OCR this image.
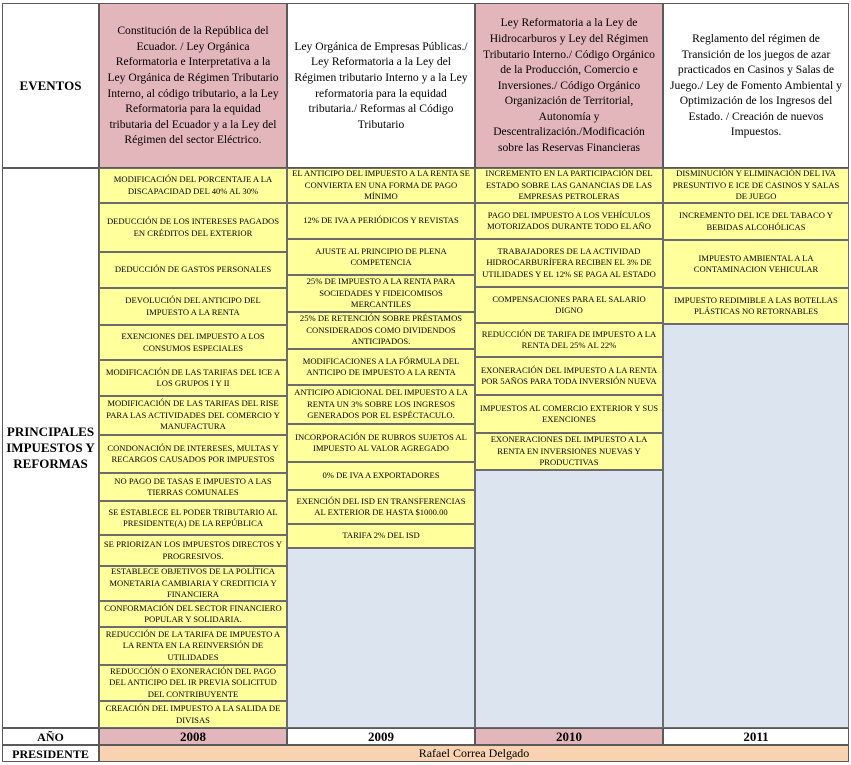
EVENTOS
PRINCIPALES IMPUESTOS Y REFORMAS
AÑO
PRESIDENTE	Rafael Correa Delgado
Constitución de la República del Ecuador. / Ley Orgánica Reformatoria e Interpretativa a la Ley Orgánica de Régimen Tributario Interno, al código tributario, a la Ley Reformatoria para la equidad tributaria del Ecuador y a la Ley del Régimen del sector Eléctrico.
MODIFICACIÓN DEL PORCENTAJE A LA DISCAPACIDAD DEL 40% AL 30%
DEDUCCIÓN DE LOS INTERESES PAGADOS EN CRÉDITOS DEL EXTERIOR
DEDUCCIÓN DE GASTOS PERSONALES
DEVOLUCIÓN DEL ANTICIPO DEL IMPUESTO A LA RENTA
EXENCIONES DEL IMPUESTO A LOS CONSUMOS ESPECIALES
MODIFICACIÓN DE LAS TARIFAS DEL ICE A LOS GRUPOS I Y II
MODIFICACIÓN DE LAS TARIFAS DEL RISE PARA LAS ACTIVIDADES DEL COMERCIO Y MANUFACTURA
CONDONACIÓN DE INTERESES, MULTAS Y RECARGOS CAUSADOS POR IMPUESTOS
NO PAGO DE TASAS E IMPUESTO A LAS TIERRAS COMUNALES
SE ESTABLECE EL PODER TRIBUTARIO AL PRESIDENTE(A) DE LA REPÚBLICA
SE PRIORIZAN LOS IMPUESTOS DIRECTOS Y PROGRESIVOS.
ESTABLECE OBJETIVOS DE LA POLÍTICA MONETARIA CAMBIARIA Y CREDITICIA Y FINANCIERA
CONFORMACIÓN DEL SECTOR FINANCIERO POPULAR Y SOLIDARIA.
REDUCCIÓN DE LA TARIFA DE IMPUESTO A LA RENTA EN LA REINVERSIÓN DE UTILIDADES
REDUCCIÓN O EXONERACIÓN DEL PAGO DEL ANTICIPO DEL IR PREVIA SOLICITUD DEL CONTRIBUYENTE
CREACIÓN DEL IMPUESTO A LA SALIDA DE DIVISAS
2008
Ley Orgánica de Empresas Públicas./ Ley Reformatoria a la Ley del Régimen tributario Interno y a la Ley reformatoria para la equidad tributaria./ Reformas al Código Tributario
EL ANTICIPO DEL IMPUESTO A LA RENTA SE CONVIERTA EN UNA FORMA DE PAGO MÍNIMO
12% DE IVA A PERIÓDICOS Y REVISTAS
AJUSTE AL PRINCIPIO DE PLENA COMPETENCIA
25% DE IMPUESTO A LA RENTA PARA SOCIEDADES Y FIDEICOMISOS MERCANTILES
25% DE RETENCIÓN SOBRE PRÉSTAMOS CONSIDERADOS COMO DIVIDENDOS ANTICIPADOS.
MODIFICACIONES A LA FÓRMULA DEL ANTICIPO DE IMPUESTO A LA RENTA
ANTICIPO ADICIONAL DEL IMPUESTO A LA RENTA UN 3% SOBRE LOS INGRESOS GENERADOS POR EL ESPÉCTACULO.
INCORPORACIÓN DE RUBROS SUJETOS AL IMPUESTO AL VALOR AGREGADO
0% DE IVA A EXPORTADORES
EXENCIÓN DEL ISD EN TRANSFERENCIAS AL EXTERIOR DE HASTA $1000.00
TARIFA 2% DEL ISD
2009
Ley Reformatoria a la Ley de Hidrocarburos y Ley del Régimen Tributario Interno./ Código Orgánico de la Producción, Comercio e Inversiones./ Código Orgánico Organización de Territorial, Autonomía y Descentralización./Modificación sobre las Reservas Financieras
INCREMENTO EN LA PARTICIPACIÓN DEL ESTADO SOBRE LAS GANANCIAS DE LAS EMPRESAS PETROLERAS
PAGO DEL IMPUESTO A LOS VEHÍCULOS MOTORIZADOS DURANTE TODO EL AÑO
TRABAJADORES DE LA ACTIVIDAD HIDROCARBURÍFERA RECIBEN EL 3% DE UTILIDADES Y EL 12% SE PAGA AL ESTADO
COMPENSACIONES PARA EL SALARIO DIGNO
REDUCCIÓN DE TARIFA DE IMPUESTO A LA RENTA DEL 25% AL 22%
EXONERACIÓN DEL IMPUESTO A LA RENTA POR 5AÑOS PARA TODA INVERSIÓN NUEVA
IMPUESTOS AL COMERCIO EXTERIOR Y SUS EXENCIONES
EXONERACIONES DEL IMPUESTO A LA RENTA EN INVERSIONES NUEVAS Y PRODUCTIVAS
2010
Reglamento del régimen de Transición de los juegos de azar practicados en Casinos y Salas de Juego./ Ley de Fomento Ambiental y Optimización de los Ingresos del Estado. / Creación de nuevos Impuestos.
DISMINUCIÓN Y ELIMINACIÓN DEL IVA PRESUNTIVO E ICE DE CASINOS Y SALAS DE JUEGO
INCREMENTO DEL ICE DEL TABACO Y BEBIDAS ALCOHÓLICAS
IMPUESTO AMBIENTAL A LA CONTAMINACION VEHICULAR
IMPUESTO REDIMIBLE A LAS BOTELLAS PLÁSTICAS NO RETORNABLES
2011
